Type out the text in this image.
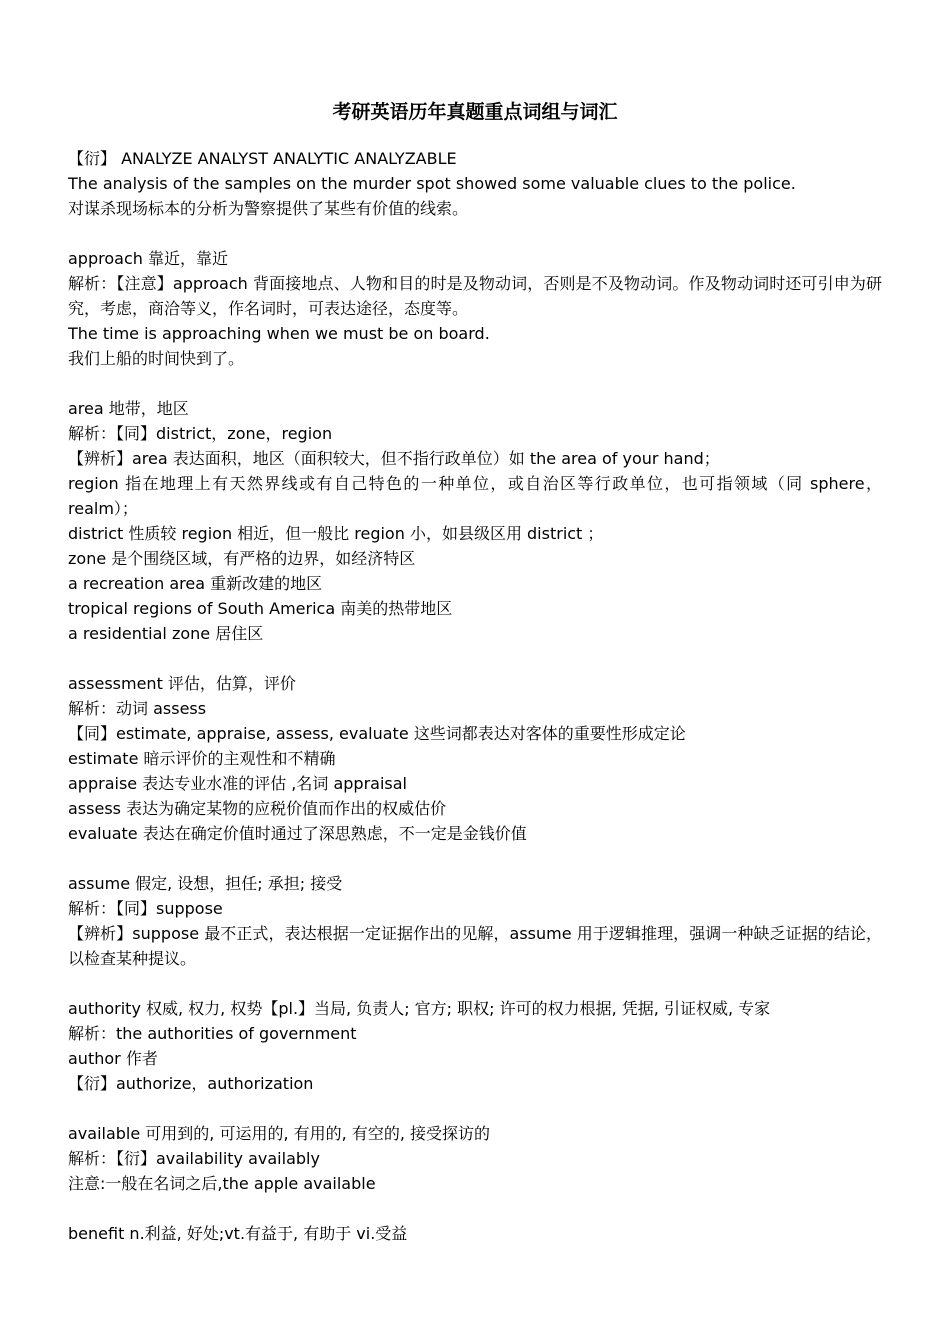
考研英语历年真题重点词组与词汇
【衍】 ANALYZE ANALYST ANALYTIC ANALYZABLE
The analysis of the samples on the murder spot showed some valuable clues to the police.
对谋杀现场标本的分析为警察提供了某些有价值的线索。
approach 靠近，靠近
解析：【注意】approach 背面接地点、人物和目的时是及物动词，否则是不及物动词。作及物动词时还可引申为研究，考虑，商洽等义，作名词时，可表达途径，态度等。
The time is approaching when we must be on board.
我们上船的时间快到了。
area 地带，地区
解析：【同】district，zone，region
【辨析】area 表达面积，地区（面积较大，但不指行政单位）如 the area of your hand；
region 指在地理上有天然界线或有自己特色的一种单位，或自治区等行政单位，也可指领域（同 sphere，realm）；
district 性质较 region 相近，但一般比 region 小，如县级区用 district ；
zone 是个围绕区域，有严格的边界，如经济特区
a recreation area 重新改建的地区
tropical regions of South America 南美的热带地区
a residential zone 居住区
assessment 评估，估算，评价
解析：动词 assess
【同】estimate, appraise, assess, evaluate 这些词都表达对客体的重要性形成定论
estimate 暗示评价的主观性和不精确
appraise 表达专业水准的评估 ,名词 appraisal
assess 表达为确定某物的应税价值而作出的权威估价
evaluate 表达在确定价值时通过了深思熟虑，不一定是金钱价值
assume 假定, 设想，担任; 承担; 接受
解析：【同】suppose
【辨析】suppose 最不正式，表达根据一定证据作出的见解，assume 用于逻辑推理，强调一种缺乏证据的结论，以检查某种提议。
authority 权威, 权力, 权势【pl.】当局, 负责人; 官方; 职权; 许可的权力根据, 凭据, 引证权威, 专家
解析：the authorities of government
author 作者
【衍】authorize，authorization
available 可用到的, 可运用的, 有用的, 有空的, 接受探访的
解析：【衍】availability availably
注意:一般在名词之后,the apple available
benefit n.利益, 好处;vt.有益于, 有助于 vi.受益
